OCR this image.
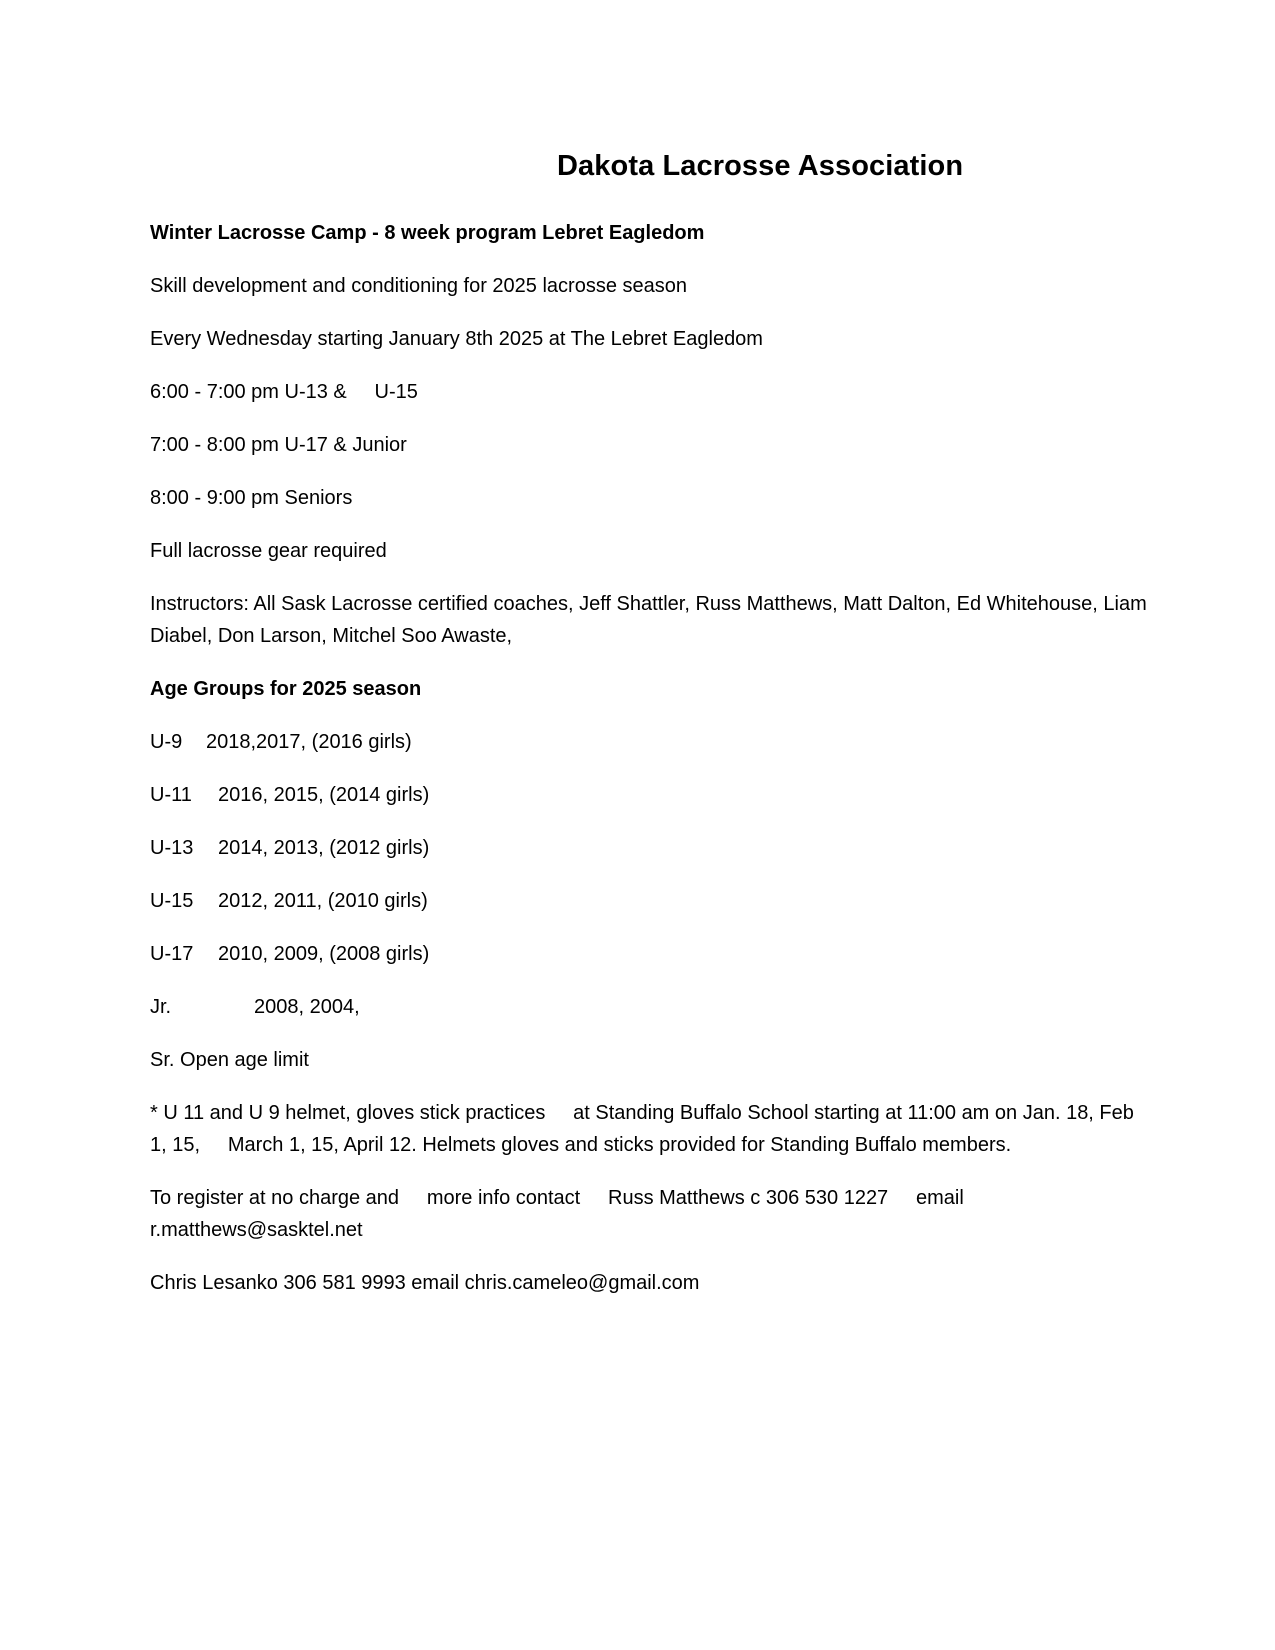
Dakota Lacrosse Association

Winter Lacrosse Camp - 8 week program Lebret Eagledom

Skill development and conditioning for 2025 lacrosse season

Every Wednesday starting January 8th 2025 at The Lebret Eagledom

6:00 - 7:00 pm U-13 &     U-15

7:00 - 8:00 pm U-17 & Junior

8:00 - 9:00 pm Seniors

Full lacrosse gear required

Instructors: All Sask Lacrosse certified coaches, Jeff Shattler, Russ Matthews, Matt Dalton, Ed Whitehouse, Liam Diabel, Don Larson, Mitchel Soo Awaste,

Age Groups for 2025 season

U-9	2018,2017, (2016 girls)
U-11	2016, 2015, (2014 girls)
U-13	2014, 2013, (2012 girls)
U-15	2012, 2011, (2010 girls)
U-17	2010, 2009, (2008 girls)
Jr.	2008, 2004,

Sr. Open age limit

* U 11 and U 9 helmet, gloves stick practices     at Standing Buffalo School starting at 11:00 am on Jan. 18, Feb 1, 15,     March 1, 15, April 12. Helmets gloves and sticks provided for Standing Buffalo members.

To register at no charge and     more info contact     Russ Matthews c 306 530 1227     email r.matthews@sasktel.net

Chris Lesanko 306 581 9993 email chris.cameleo@gmail.com
